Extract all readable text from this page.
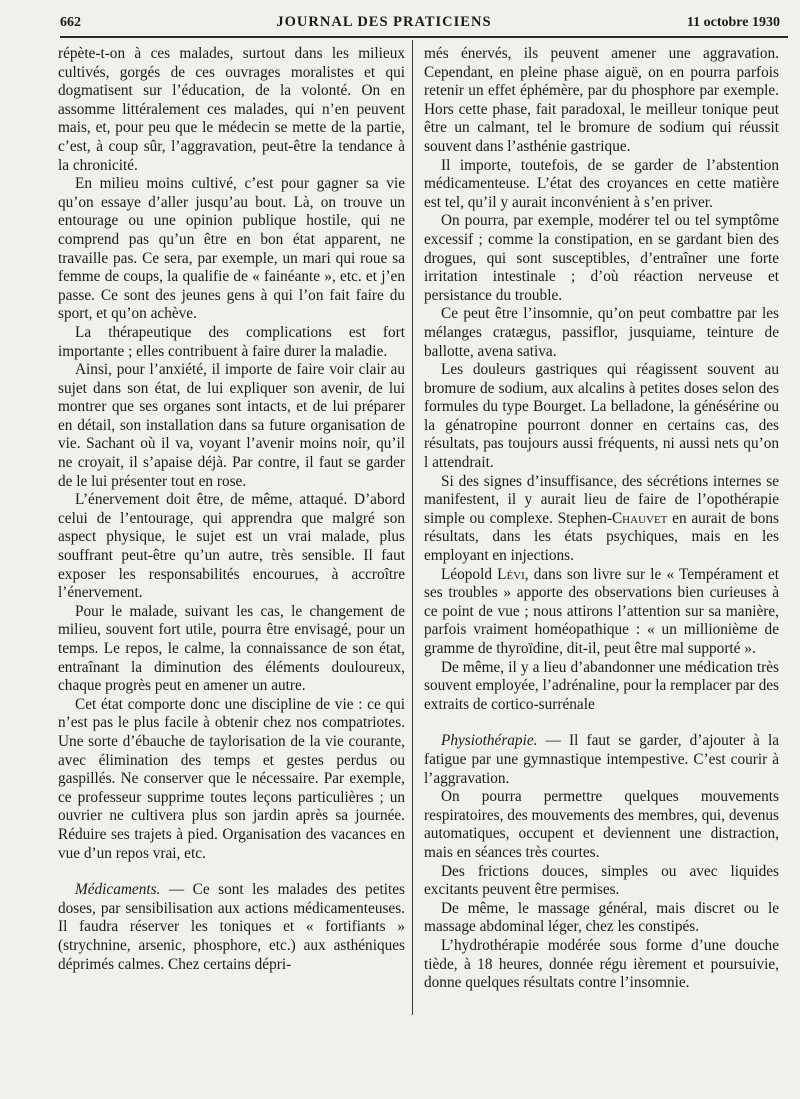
662	JOURNAL DES PRATICIENS	11 octobre 1930

répète-t-on à ces malades, surtout dans les milieux cultivés, gorgés de ces ouvrages moralistes et qui dogmatisent sur l’éducation, de la volonté. On en assomme littéralement ces malades, qui n’en peuvent mais, et, pour peu que le médecin se mette de la partie, c’est, à coup sûr, l’aggravation, peut-être la tendance à la chronicité.

En milieu moins cultivé, c’est pour gagner sa vie qu’on essaye d’aller jusqu’au bout. Là, on trouve un entourage ou une opinion publique hostile, qui ne comprend pas qu’un être en bon état apparent, ne travaille pas. Ce sera, par exemple, un mari qui roue sa femme de coups, la qualifie de « fainéante », etc. et j’en passe. Ce sont des jeunes gens à qui l’on fait faire du sport, et qu’on achève.

La thérapeutique des complications est fort importante ; elles contribuent à faire durer la maladie.

Ainsi, pour l’anxiété, il importe de faire voir clair au sujet dans son état, de lui expliquer son avenir, de lui montrer que ses organes sont intacts, et de lui préparer en détail, son installation dans sa future organisation de vie. Sachant où il va, voyant l’avenir moins noir, qu’il ne croyait, il s’apaise déjà. Par contre, il faut se garder de le lui présenter tout en rose.

L’énervement doit être, de même, attaqué. D’abord celui de l’entourage, qui apprendra que malgré son aspect physique, le sujet est un vrai malade, plus souffrant peut-être qu’un autre, très sensible. Il faut exposer les responsabilités encourues, à accroître l’énervement.

Pour le malade, suivant les cas, le changement de milieu, souvent fort utile, pourra être envisagé, pour un temps. Le repos, le calme, la connaissance de son état, entraînant la diminution des éléments douloureux, chaque progrès peut en amener un autre.

Cet état comporte donc une discipline de vie : ce qui n’est pas le plus facile à obtenir chez nos compatriotes. Une sorte d’ébauche de taylorisation de la vie courante, avec élimination des temps et gestes perdus ou gaspillés. Ne conserver que le nécessaire. Par exemple, ce professeur supprime toutes leçons particulières ; un ouvrier ne cultivera plus son jardin après sa journée. Réduire ses trajets à pied. Organisation des vacances en vue d’un repos vrai, etc.

Médicaments. — Ce sont les malades des petites doses, par sensibilisation aux actions médicamenteuses. Il faudra réserver les toniques et « fortifiants » (strychnine, arsenic, phosphore, etc.) aux asthéniques déprimés calmes. Chez certains dépri-

més énervés, ils peuvent amener une aggravation. Cependant, en pleine phase aiguë, on en pourra parfois retenir un effet éphémère, par du phosphore par exemple. Hors cette phase, fait paradoxal, le meilleur tonique peut être un calmant, tel le bromure de sodium qui réussit souvent dans l’asthénie gastrique.

Il importe, toutefois, de se garder de l’abstention médicamenteuse. L’état des croyances en cette matière est tel, qu’il y aurait inconvénient à s’en priver.

On pourra, par exemple, modérer tel ou tel symptôme excessif ; comme la constipation, en se gardant bien des drogues, qui sont susceptibles, d’entraîner une forte irritation intestinale ; d’où réaction nerveuse et persistance du trouble.

Ce peut être l’insomnie, qu’on peut combattre par les mélanges cratægus, passiflor, jusquiame, teinture de ballotte, avena sativa.

Les douleurs gastriques qui réagissent souvent au bromure de sodium, aux alcalins à petites doses selon des formules du type Bourget. La belladone, la génésérine ou la génatropine pourront donner en certains cas, des résultats, pas toujours aussi fréquents, ni aussi nets qu’on l attendrait.

Si des signes d’insuffisance, des sécrétions internes se manifestent, il y aurait lieu de faire de l’opothérapie simple ou complexe. Stephen-Chauvet en aurait de bons résultats, dans les états psychiques, mais en les employant en injections.

Léopold Lévi, dans son livre sur le « Tempérament et ses troubles » apporte des observations bien curieuses à ce point de vue ; nous attirons l’attention sur sa manière, parfois vraiment homéopathique : « un millionième de gramme de thyroïdine, dit-il, peut être mal supporté ».

De même, il y a lieu d’abandonner une médication très souvent employée, l’adrénaline, pour la remplacer par des extraits de cortico-surrénale

Physiothérapie. — Il faut se garder, d’ajouter à la fatigue par une gymnastique intempestive. C’est courir à l’aggravation.

On pourra permettre quelques mouvements respiratoires, des mouvements des membres, qui, devenus automatiques, occupent et deviennent une distraction, mais en séances très courtes.

Des frictions douces, simples ou avec liquides excitants peuvent être permises.

De même, le massage général, mais discret ou le massage abdominal léger, chez les constipés.

L’hydrothérapie modérée sous forme d’une douche tiède, à 18 heures, donnée régu ièrement et poursuivie, donne quelques résultats contre l’insomnie.
